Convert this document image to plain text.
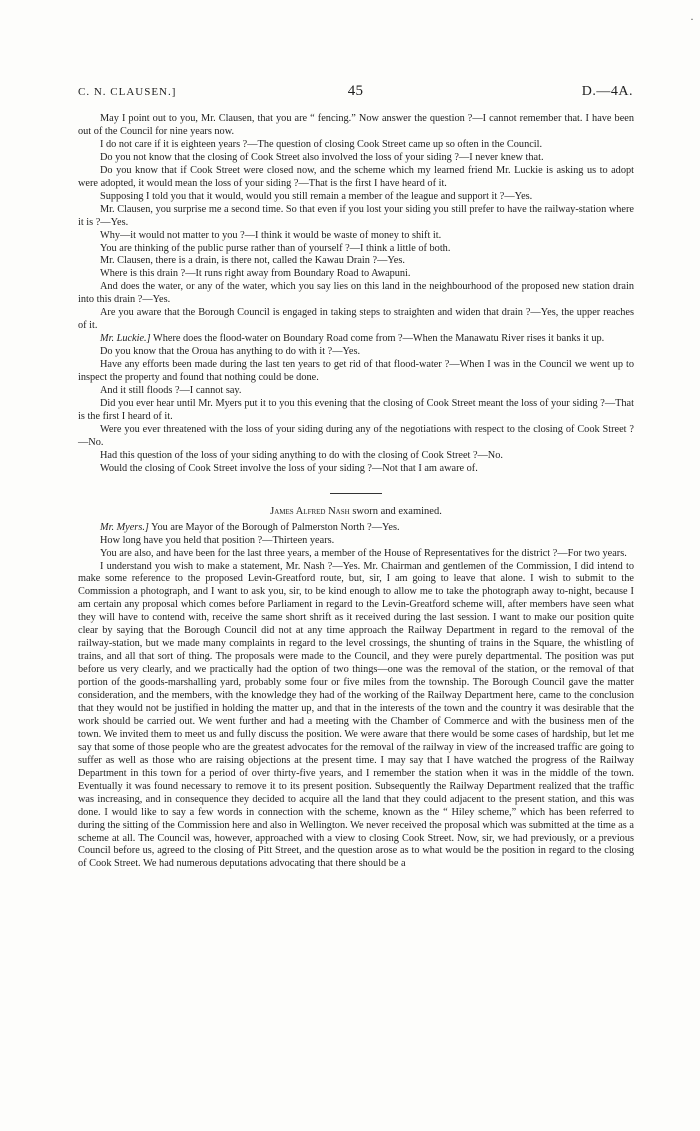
·
C. N. CLAUSEN.]	45	D.—4A.

May I point out to you, Mr. Clausen, that you are “ fencing.” Now answer the question ?—I cannot remember that. I have been out of the Council for nine years now.

I do not care if it is eighteen years ?—The question of closing Cook Street came up so often in the Council.

Do you not know that the closing of Cook Street also involved the loss of your siding ?—I never knew that.

Do you know that if Cook Street were closed now, and the scheme which my learned friend Mr. Luckie is asking us to adopt were adopted, it would mean the loss of your siding ?—That is the first I have heard of it.

Supposing I told you that it would, would you still remain a member of the league and support it ?—Yes.

Mr. Clausen, you surprise me a second time. So that even if you lost your siding you still prefer to have the railway-station where it is ?—Yes.

Why—it would not matter to you ?—I think it would be waste of money to shift it.

You are thinking of the public purse rather than of yourself ?—I think a little of both.

Mr. Clausen, there is a drain, is there not, called the Kawau Drain ?—Yes.

Where is this drain ?—It runs right away from Boundary Road to Awapuni.

And does the water, or any of the water, which you say lies on this land in the neighbourhood of the proposed new station drain into this drain ?—Yes.

Are you aware that the Borough Council is engaged in taking steps to straighten and widen that drain ?—Yes, the upper reaches of it.

Mr. Luckie.] Where does the flood-water on Boundary Road come from ?—When the Manawatu River rises it banks it up.

Do you know that the Oroua has anything to do with it ?—Yes.

Have any efforts been made during the last ten years to get rid of that flood-water ?—When I was in the Council we went up to inspect the property and found that nothing could be done.

And it still floods ?—I cannot say.

Did you ever hear until Mr. Myers put it to you this evening that the closing of Cook Street meant the loss of your siding ?—That is the first I heard of it.

Were you ever threatened with the loss of your siding during any of the negotiations with respect to the closing of Cook Street ?—No.

Had this question of the loss of your siding anything to do with the closing of Cook Street ?—No.

Would the closing of Cook Street involve the loss of your siding ?—Not that I am aware of.

James Alfred Nash sworn and examined.

Mr. Myers.] You are Mayor of the Borough of Palmerston North ?—Yes.

How long have you held that position ?—Thirteen years.

You are also, and have been for the last three years, a member of the House of Representatives for the district ?—For two years.

I understand you wish to make a statement, Mr. Nash ?—Yes. Mr. Chairman and gentlemen of the Commission, I did intend to make some reference to the proposed Levin-Greatford route, but, sir, I am going to leave that alone. I wish to submit to the Commission a photograph, and I want to ask you, sir, to be kind enough to allow me to take the photograph away to-night, because I am certain any proposal which comes before Parliament in regard to the Levin-Greatford scheme will, after members have seen what they will have to contend with, receive the same short shrift as it received during the last session. I want to make our position quite clear by saying that the Borough Council did not at any time approach the Railway Department in regard to the removal of the railway-station, but we made many complaints in regard to the level crossings, the shunting of trains in the Square, the whistling of trains, and all that sort of thing. The proposals were made to the Council, and they were purely departmental. The position was put before us very clearly, and we practically had the option of two things—one was the removal of the station, or the removal of that portion of the goods-marshalling yard, probably some four or five miles from the township. The Borough Council gave the matter consideration, and the members, with the knowledge they had of the working of the Railway Department here, came to the conclusion that they would not be justified in holding the matter up, and that in the interests of the town and the country it was desirable that the work should be carried out. We went further and had a meeting with the Chamber of Commerce and with the business men of the town. We invited them to meet us and fully discuss the position. We were aware that there would be some cases of hardship, but let me say that some of those people who are the greatest advocates for the removal of the railway in view of the increased traffic are going to suffer as well as those who are raising objections at the present time. I may say that I have watched the progress of the Railway Department in this town for a period of over thirty-five years, and I remember the station when it was in the middle of the town. Eventually it was found necessary to remove it to its present position. Subsequently the Railway Department realized that the traffic was increasing, and in consequence they decided to acquire all the land that they could adjacent to the present station, and this was done. I would like to say a few words in connection with the scheme, known as the “ Hiley scheme,” which has been referred to during the sitting of the Commission here and also in Wellington. We never received the proposal which was submitted at the time as a scheme at all. The Council was, however, approached with a view to closing Cook Street. Now, sir, we had previously, or a previous Council before us, agreed to the closing of Pitt Street, and the question arose as to what would be the position in regard to the closing of Cook Street. We had numerous deputations advocating that there should be a
